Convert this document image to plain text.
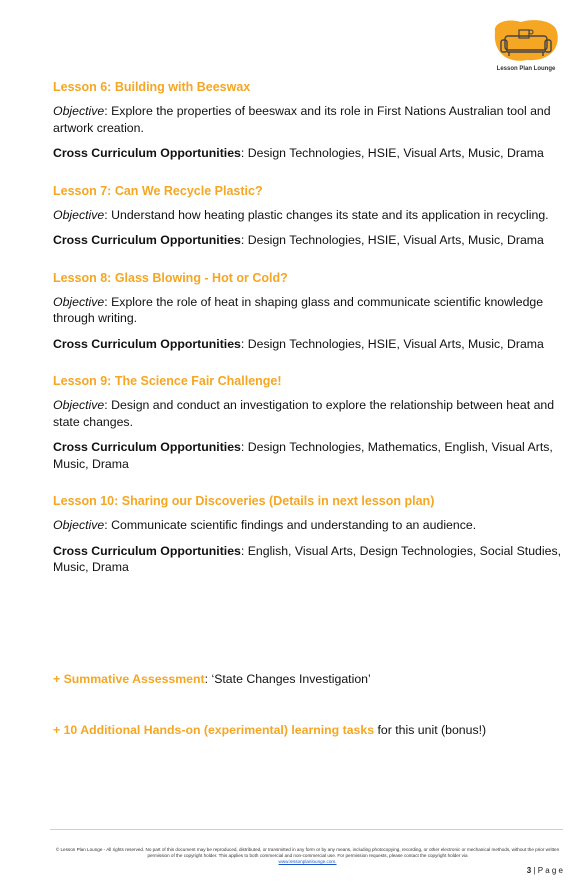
Lesson Plan Lounge

Lesson 6: Building with Beeswax

Objective: Explore the properties of beeswax and its role in First Nations Australian tool and artwork creation.

Cross Curriculum Opportunities: Design Technologies, HSIE, Visual Arts, Music, Drama

Lesson 7: Can We Recycle Plastic?

Objective: Understand how heating plastic changes its state and its application in recycling.

Cross Curriculum Opportunities: Design Technologies, HSIE, Visual Arts, Music, Drama

Lesson 8: Glass Blowing - Hot or Cold?

Objective: Explore the role of heat in shaping glass and communicate scientific knowledge through writing.

Cross Curriculum Opportunities: Design Technologies, HSIE, Visual Arts, Music, Drama

Lesson 9: The Science Fair Challenge!

Objective: Design and conduct an investigation to explore the relationship between heat and state changes.

Cross Curriculum Opportunities: Design Technologies, Mathematics, English, Visual Arts, Music, Drama

Lesson 10: Sharing our Discoveries (Details in next lesson plan)

Objective: Communicate scientific findings and understanding to an audience.

Cross Curriculum Opportunities: English, Visual Arts, Design Technologies, Social Studies, Music, Drama

+ Summative Assessment: ‘State Changes Investigation’

+ 10 Additional Hands-on (experimental) learning tasks for this unit (bonus!)

© Lesson Plan Lounge - All rights reserved. No part of this document may be reproduced, distributed, or transmitted in any form or by any means, including photocopying, recording, or other electronic or mechanical methods, without the prior written permission of the copyright holder. This applies to both commercial and non-commercial use. For permission requests, please contact the copyright holder via
www.lessonplanlounge.com.
3 | P a g e
